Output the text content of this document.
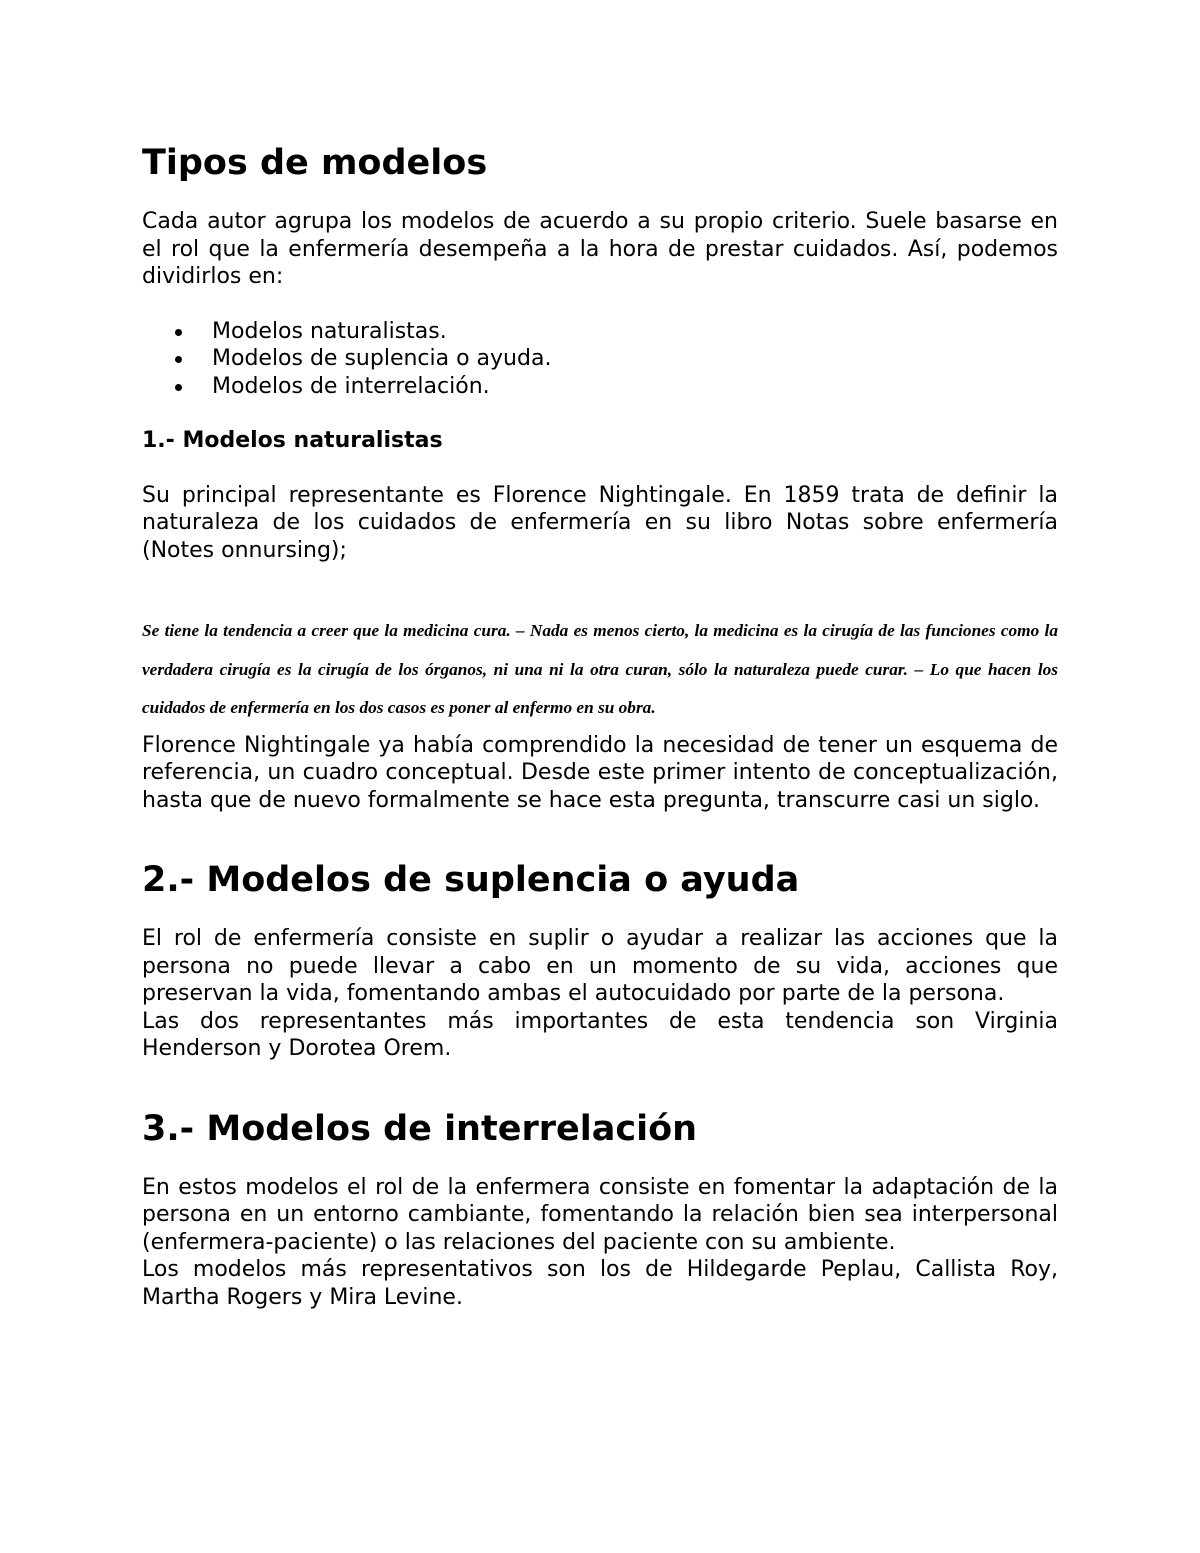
Tipos de modelos

Cada autor agrupa los modelos de acuerdo a su propio criterio. Suele basarse en el rol que la enfermería desempeña a la hora de prestar cuidados. Así, podemos dividirlos en:

Modelos naturalistas.
Modelos de suplencia o ayuda.
Modelos de interrelación.
1.- Modelos naturalistas

Su principal representante es Florence Nightingale. En 1859 trata de definir la naturaleza de los cuidados de enfermería en su libro Notas sobre enfermería (Notes onnursing);

Se tiene la tendencia a creer que la medicina cura. – Nada es menos cierto, la medicina es la cirugía de las funciones como la verdadera cirugía es la cirugía de los órganos, ni una ni la otra curan, sólo la naturaleza puede curar. – Lo que hacen los cuidados de enfermería en los dos casos es poner al enfermo en su obra.

Florence Nightingale ya había comprendido la necesidad de tener un esquema de referencia, un cuadro conceptual. Desde este primer intento de conceptualización, hasta que de nuevo formalmente se hace esta pregunta, transcurre casi un siglo.

2.- Modelos de suplencia o ayuda

El rol de enfermería consiste en suplir o ayudar a realizar las acciones que la persona no puede llevar a cabo en un momento de su vida, acciones que preservan la vida, fomentando ambas el autocuidado por parte de la persona.

Las dos representantes más importantes de esta tendencia son Virginia Henderson y Dorotea Orem.

3.- Modelos de interrelación

En estos modelos el rol de la enfermera consiste en fomentar la adaptación de la persona en un entorno cambiante, fomentando la relación bien sea interpersonal (enfermera-paciente) o las relaciones del paciente con su ambiente.

Los modelos más representativos son los de Hildegarde Peplau, Callista Roy, Martha Rogers y Mira Levine.
